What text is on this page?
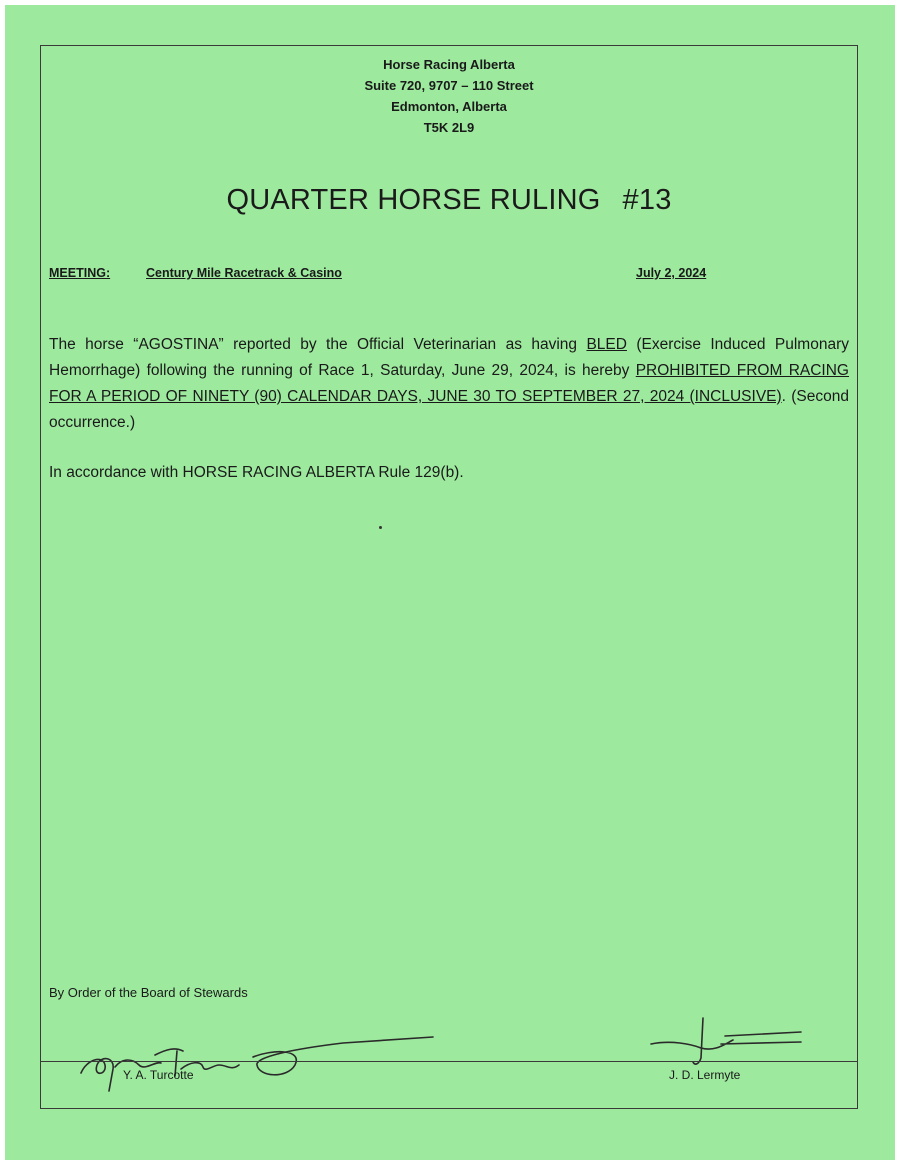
Horse Racing Alberta
Suite 720, 9707 – 110 Street
Edmonton, Alberta
T5K 2L9
QUARTER HORSE RULING #13
MEETING:	Century Mile Racetrack & Casino	July 2, 2024
The horse “AGOSTINA” reported by the Official Veterinarian as having BLED (Exercise Induced Pulmonary Hemorrhage) following the running of Race 1, Saturday, June 29, 2024, is hereby PROHIBITED FROM RACING FOR A PERIOD OF NINETY (90) CALENDAR DAYS, JUNE 30 TO SEPTEMBER 27, 2024 (INCLUSIVE). (Second occurrence.)
In accordance with HORSE RACING ALBERTA Rule 129(b).
By Order of the Board of Stewards
Y. A. Turcotte	J. D. Lermyte
